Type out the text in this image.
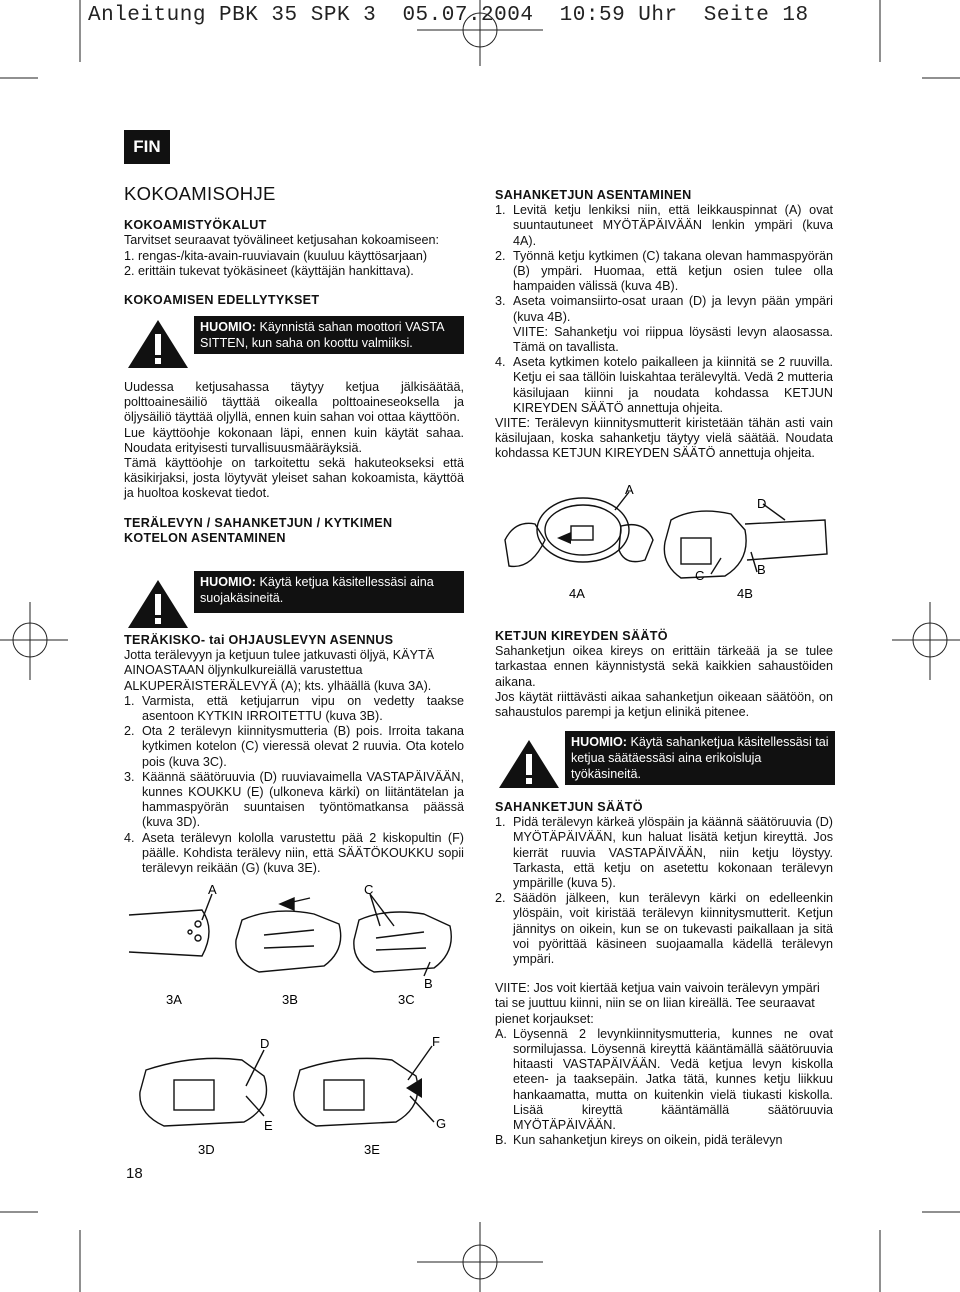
Anleitung PBK 35 SPK 3  05.07.2004  10:59 Uhr  Seite 18
FIN
KOKOAMISOHJE

KOKOAMISTYÖKALUT

Tarvitset seuraavat työvälineet ketjusahan kokoamiseen:

1. rengas-/kita-avain-ruuviavain (kuuluu käyttösarjaan)

2. erittäin tukevat työkäsineet (käyttäjän hankittava).

KOKOAMISEN EDELLYTYKSET

HUOMIO: Käynnistä sahan moottori VASTA SITTEN, kun saha on koottu valmiiksi.

Uudessa ketjusahassa täytyy ketjua jälkisäätää, polttoainesäiliö täyttää oikealla polttoaineseoksella ja öljysäiliö täyttää oljyllä, ennen kuin sahan voi ottaa käyttöön.

Lue käyttöohje kokonaan läpi, ennen kuin käytät sahaa. Noudata erityisesti turvallisuusmääräyksiä.

Tämä käyttöohje on tarkoitettu sekä hakuteokseksi että käsikirjaksi, josta löytyvät yleiset sahan kokoamista, käyttöä ja huoltoa koskevat tiedot.

TERÄLEVYN / SAHANKETJUN / KYTKIMEN

KOTELON ASENTAMINEN

HUOMIO: Käytä ketjua käsitellessäsi aina suojakäsineitä.

TERÄKISKO- tai OHJAUSLEVYN ASENNUS

Jotta terälevyyn ja ketjuun tulee jatkuvasti öljyä, KÄYTÄ AINOASTAAN öljynkulkureiällä varustettua ALKUPERÄISTERÄLEVYÄ (A); kts. ylhäällä (kuva 3A).

1. Varmista, että ketjujarrun vipu on vedetty taakse asentoon KYTKIN IRROITETTU (kuva 3B).
2. Ota 2 terälevyn kiinnitysmutteria (B) pois. Irroita takana kytkimen kotelon (C) vieressä olevat 2 ruuvia. Ota kotelo pois (kuva 3C).
3. Käännä säätöruuvia (D) ruuviavaimella VASTAPÄIVÄÄN, kunnes KOUKKU (E) (ulkoneva kärki) on liitäntätelan ja hammaspyörän suuntaisen työntömatkansa päässä (kuva 3D).
4. Aseta terälevyn kololla varustettu pää 2 kiskopultin (F) päälle. Kohdista terälevy niin, että SÄÄTÖKOUKKU sopii terälevyn reikään (G) (kuva 3E).
A	C
B
3A	3B	3C
D
E
F
G
3D	3E
18

SAHANKETJUN ASENTAMINEN

1. Levitä ketju lenkiksi niin, että leikkauspinnat (A) ovat suuntautuneet MYÖTÄPÄIVÄÄN lenkin ympäri (kuva 4A).
2. Työnnä ketju kytkimen (C) takana olevan hammaspyörän (B) ympäri. Huomaa, että ketjun osien tulee olla hampaiden välissä (kuva 4B).
3. Aseta voimansiirto-osat uraan (D) ja levyn pään ympäri (kuva 4B).
VIITE: Sahanketju voi riippua löysästi levyn alaosassa. Tämä on tavallista.
4. Aseta kytkimen kotelo paikalleen ja kiinnitä se 2 ruuvilla. Ketju ei saa tällöin luiskahtaa terälevyltä. Vedä 2 mutteria käsilujaan kiinni ja noudata kohdassa KETJUN KIREYDEN SÄÄTÖ annettuja ohjeita.

VIITE: Terälevyn kiinnitysmutterit kiristetään tähän asti vain käsilujaan, koska sahanketju täytyy vielä säätää. Noudata kohdassa KETJUN KIREYDEN SÄÄTÖ annettuja ohjeita.

A
D
C	B
4A	4B

KETJUN KIREYDEN SÄÄTÖ

Sahanketjun oikea kireys on erittäin tärkeää ja se tulee tarkastaa ennen käynnistystä sekä kaikkien sahaustöiden aikana.

Jos käytät riittävästi aikaa sahanketjun oikeaan säätöön, on sahaustulos parempi ja ketjun elinikä pitenee.

HUOMIO: Käytä sahanketjua käsitellessäsi tai ketjua säätäessäsi aina erikoisluja työkäsineitä.

SAHANKETJUN SÄÄTÖ

1. Pidä terälevyn kärkeä ylöspäin ja käännä säätöruuvia (D) MYÖTÄPÄIVÄÄN, kun haluat lisätä ketjun kireyttä. Jos kierrät ruuvia VASTAPÄIVÄÄN, niin ketju löystyy. Tarkasta, että ketju on asetettu kokonaan terälevyn ympärille (kuva 5).
2. Säädön jälkeen, kun terälevyn kärki on edelleenkin ylöspäin, voit kiristää terälevyn kiinnitysmutterit. Ketjun jännitys on oikein, kun se on tukevasti paikallaan ja sitä voi pyörittää käsineen suojaamalla kädellä terälevyn ympäri.

VIITE: Jos voit kiertää ketjua vain vaivoin terälevyn ympäri tai se juuttuu kiinni, niin se on liian kireällä. Tee seuraavat pienet korjaukset:

A. Löysennä 2 levynkiinnitysmutteria, kunnes ne ovat sormilujassa. Löysennä kireyttä kääntämällä säätöruuvia hitaasti VASTAPÄIVÄÄN. Vedä ketjua levyn kiskolla eteen- ja taaksepäin. Jatka tätä, kunnes ketju liikkuu hankaamatta, mutta on kuitenkin vielä tiukasti kiskolla. Lisää kireyttä kääntämällä säätöruuvia MYÖTÄPÄIVÄÄN.
B. Kun sahanketjun kireys on oikein, pidä terälevyn
